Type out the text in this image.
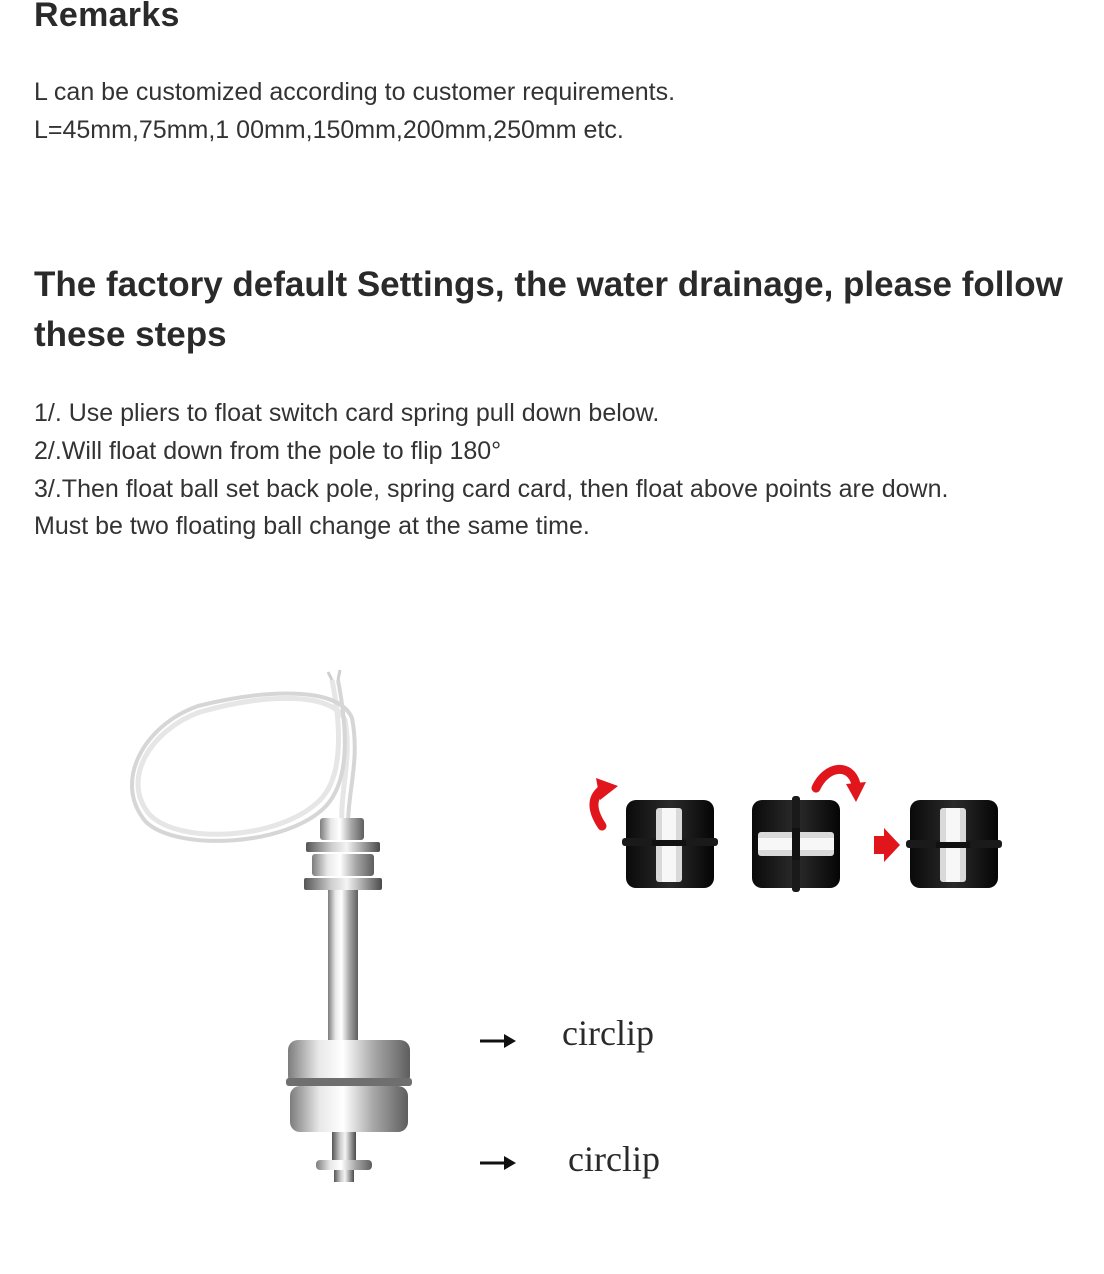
Remarks
L can be customized according to customer requirements.
L=45mm,75mm,1 00mm,150mm,200mm,250mm etc.
The factory default Settings, the water drainage, please follow these steps
1/. Use pliers to float switch card spring pull down below.
2/.Will float down from the pole to flip 180°
3/.Then float ball set back pole, spring card card, then float above points are down.
Must be two floating ball change at the same time.
circlip
circlip
